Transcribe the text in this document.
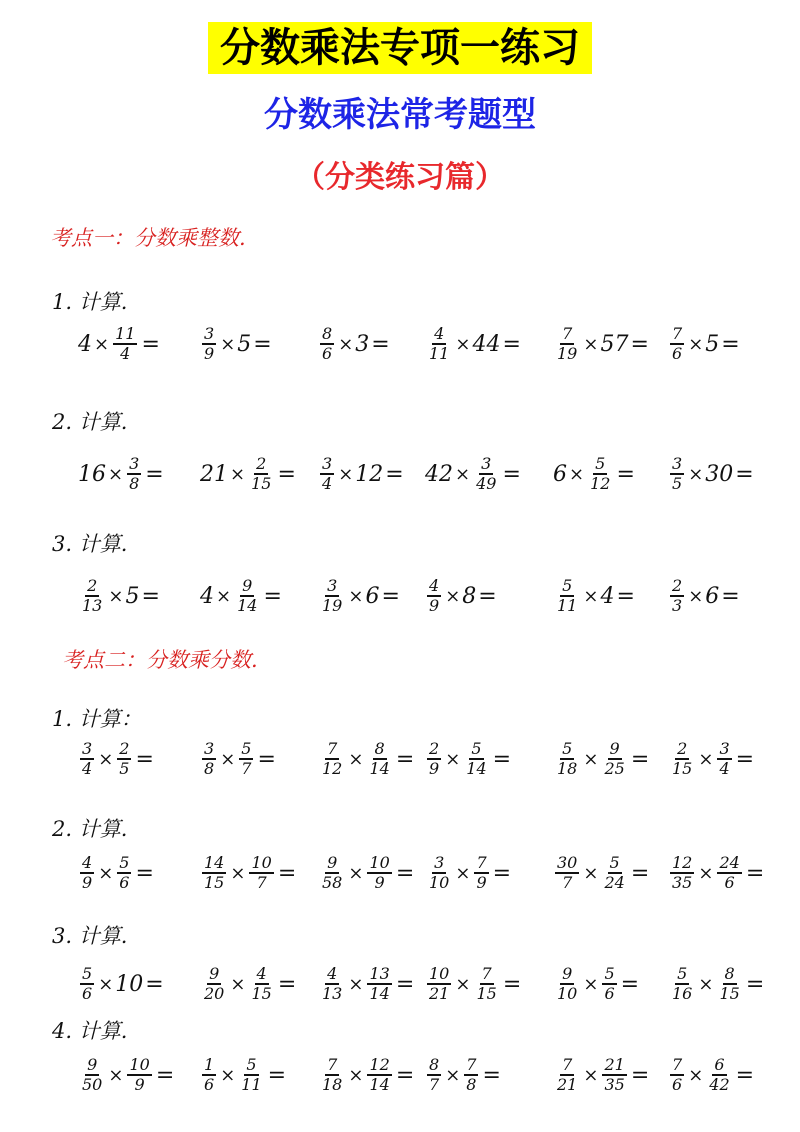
分数乘法专项一练习
分数乘法常考题型
（分类练习篇）
考点一：分数乘整数.
1. 计算.
$4 \times \frac{11}{4}$ =	$\frac{3}{9} \times 5$ =	$\frac{8}{6} \times 3 = \frac{4}{11} \times 44 = \frac{7}{19} \times 57 = \frac{7}{6} \times 5$ =
2. 计算.
$16 \times \frac{3}{8} = 21 \times \frac{2}{15} = \frac{3}{4} \times 12 = 42 \times \frac{3}{49} = 6 \times \frac{5}{12} = \frac{3}{5} \times 30$ =
3. 计算.
$\frac{2}{13} \times 5 = 4 \times \frac{9}{14} = \frac{3}{19} \times 6 = \frac{4}{9} \times 8$ =	$\frac{5}{11} \times 4 = \frac{2}{3} \times 6$ =
考点二：分数乘分数.
1. 计算：
$\frac{3}{4} \times \frac{2}{5}$ =	$\frac{3}{8} \times \frac{5}{7}$ =	$\frac{7}{12} \times \frac{8}{14} = \frac{2}{9} \times \frac{5}{14}$ =	$\frac{5}{18} \times \frac{9}{25} = \frac{2}{15} \times \frac{3}{4}$ =
2. 计算.
$\frac{4}{9} \times \frac{5}{6}$ =	$\frac{14}{15} \times \frac{10}{7} = \frac{9}{58} \times \frac{10}{9} = \frac{3}{10} \times \frac{7}{9}$ =	$\frac{30}{7} \times \frac{5}{24} = \frac{12}{35} \times \frac{24}{6}$ =
3. 计算.
$\frac{5}{6} \times 10 = \frac{9}{20} \times \frac{4}{15} = \frac{4}{13} \times \frac{13}{14} = \frac{10}{21} \times \frac{7}{15} = \frac{9}{10} \times \frac{5}{6} = \frac{5}{16} \times \frac{8}{15}$ =
4. 计算.
$\frac{9}{50} \times \frac{10}{9} = \frac{1}{6} \times \frac{5}{11} = \frac{7}{18} \times \frac{12}{14} = \frac{8}{7} \times \frac{7}{8}$ =	$\frac{7}{21} \times \frac{21}{35} = \frac{7}{6} \times \frac{6}{42}$ =
